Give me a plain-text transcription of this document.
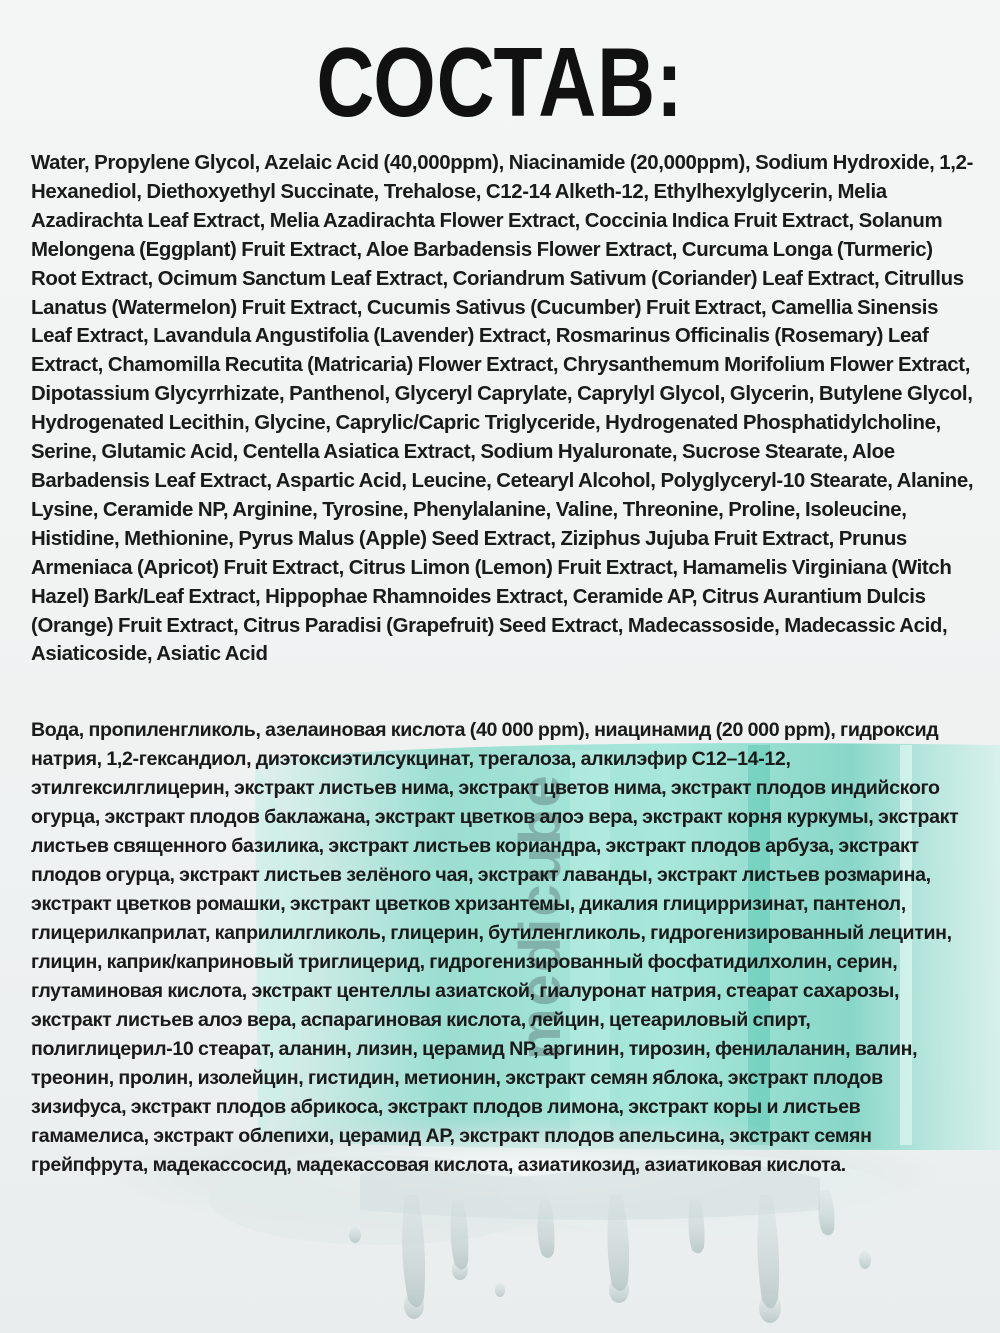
medicube
СОСТАВ:

Water, Propylene Glycol, Azelaic Acid (40,000ppm), Niacinamide (20,000ppm), Sodium Hydroxide, 1,2-Hexanediol, Diethoxyethyl Succinate, Trehalose, C12-14 Alketh-12, Ethylhexylglycerin, Melia Azadirachta Leaf Extract, Melia Azadirachta Flower Extract, Coccinia Indica Fruit Extract, Solanum Melongena (Eggplant) Fruit Extract, Aloe Barbadensis Flower Extract, Curcuma Longa (Turmeric) Root Extract, Ocimum Sanctum Leaf Extract, Coriandrum Sativum (Coriander) Leaf Extract, Citrullus Lanatus (Watermelon) Fruit Extract, Cucumis Sativus (Cucumber) Fruit Extract, Camellia Sinensis Leaf Extract, Lavandula Angustifolia (Lavender) Extract, Rosmarinus Officinalis (Rosemary) Leaf Extract, Chamomilla Recutita (Matricaria) Flower Extract, Chrysanthemum Morifolium Flower Extract, Dipotassium Glycyrrhizate, Panthenol, Glyceryl Caprylate, Caprylyl Glycol, Glycerin, Butylene Glycol, Hydrogenated Lecithin, Glycine, Caprylic/Capric Triglyceride, Hydrogenated Phosphatidylcholine, Serine, Glutamic Acid, Centella Asiatica Extract, Sodium Hyaluronate, Sucrose Stearate, Aloe Barbadensis Leaf Extract, Aspartic Acid, Leucine, Cetearyl Alcohol, Polyglyceryl-10 Stearate, Alanine, Lysine, Ceramide NP, Arginine, Tyrosine, Phenylalanine, Valine, Threonine, Proline, Isoleucine, Histidine, Methionine, Pyrus Malus (Apple) Seed Extract, Ziziphus Jujuba Fruit Extract, Prunus Armeniaca (Apricot) Fruit Extract, Citrus Limon (Lemon) Fruit Extract, Hamamelis Virginiana (Witch Hazel) Bark/Leaf Extract, Hippophae Rhamnoides Extract, Ceramide AP, Citrus Aurantium Dulcis (Orange) Fruit Extract, Citrus Paradisi (Grapefruit) Seed Extract, Madecassoside, Madecassic Acid, Asiaticoside, Asiatic Acid

Вода, пропиленгликоль, азелаиновая кислота (40 000 ppm), ниацинамид (20 000 ppm), гидроксид натрия, 1,2-гександиол, диэтоксиэтилсукцинат, трегалоза, алкилэфир C12–14-12, этилгексилглицерин, экстракт листьев нима, экстракт цветов нима, экстракт плодов индийского огурца, экстракт плодов баклажана, экстракт цветков алоэ вера, экстракт корня куркумы, экстракт листьев священного базилика, экстракт листьев кориандра, экстракт плодов арбуза, экстракт плодов огурца, экстракт листьев зелёного чая, экстракт лаванды, экстракт листьев розмарина, экстракт цветков ромашки, экстракт цветков хризантемы, дикалия глицирризинат, пантенол, глицерилкаприлат, каприлилгликоль, глицерин, бутиленгликоль, гидрогенизированный лецитин, глицин, каприк/каприновый триглицерид, гидрогенизированный фосфатидилхолин, серин, глутаминовая кислота, экстракт центеллы азиатской, гиалуронат натрия, стеарат сахарозы, экстракт листьев алоэ вера, аспарагиновая кислота, лейцин, цетеариловый спирт, полиглицерил-10 стеарат, аланин, лизин, церамид NP, аргинин, тирозин, фенилаланин, валин, треонин, пролин, изолейцин, гистидин, метионин, экстракт семян яблока, экстракт плодов зизифуса, экстракт плодов абрикоса, экстракт плодов лимона, экстракт коры и листьев гамамелиса, экстракт облепихи, церамид AP, экстракт плодов апельсина, экстракт семян грейпфрута, мадекассосид, мадекассовая кислота, азиатикозид, азиатиковая кислота.
